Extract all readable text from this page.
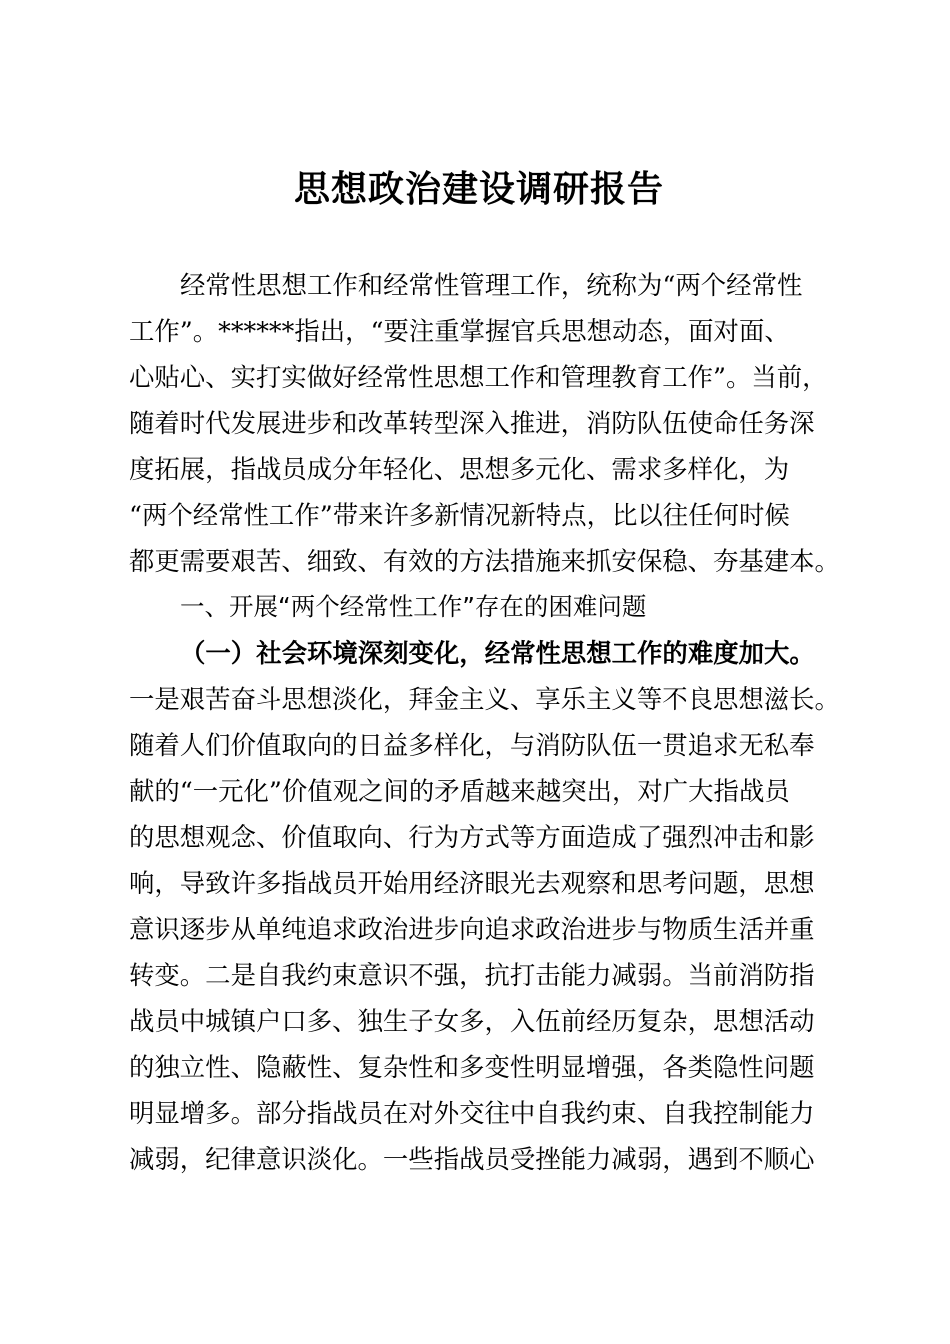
思想政治建设调研报告
经常性思想工作和经常性管理工作，统称为“两个经常性
工作”。******指出，“要注重掌握官兵思想动态，面对面、
心贴心、实打实做好经常性思想工作和管理教育工作”。当前，
随着时代发展进步和改革转型深入推进，消防队伍使命任务深
度拓展，指战员成分年轻化、思想多元化、需求多样化，为
“两个经常性工作”带来许多新情况新特点，比以往任何时候
都更需要艰苦、细致、有效的方法措施来抓安保稳、夯基建本。
一、开展“两个经常性工作”存在的困难问题
（一）社会环境深刻变化，经常性思想工作的难度加大。
一是艰苦奋斗思想淡化，拜金主义、享乐主义等不良思想滋长。
随着人们价值取向的日益多样化，与消防队伍一贯追求无私奉
献的“一元化”价值观之间的矛盾越来越突出，对广大指战员
的思想观念、价值取向、行为方式等方面造成了强烈冲击和影
响，导致许多指战员开始用经济眼光去观察和思考问题，思想
意识逐步从单纯追求政治进步向追求政治进步与物质生活并重
转变。二是自我约束意识不强，抗打击能力减弱。当前消防指
战员中城镇户口多、独生子女多，入伍前经历复杂，思想活动
的独立性、隐蔽性、复杂性和多变性明显增强，各类隐性问题
明显增多。部分指战员在对外交往中自我约束、自我控制能力
减弱，纪律意识淡化。一些指战员受挫能力减弱，遇到不顺心
